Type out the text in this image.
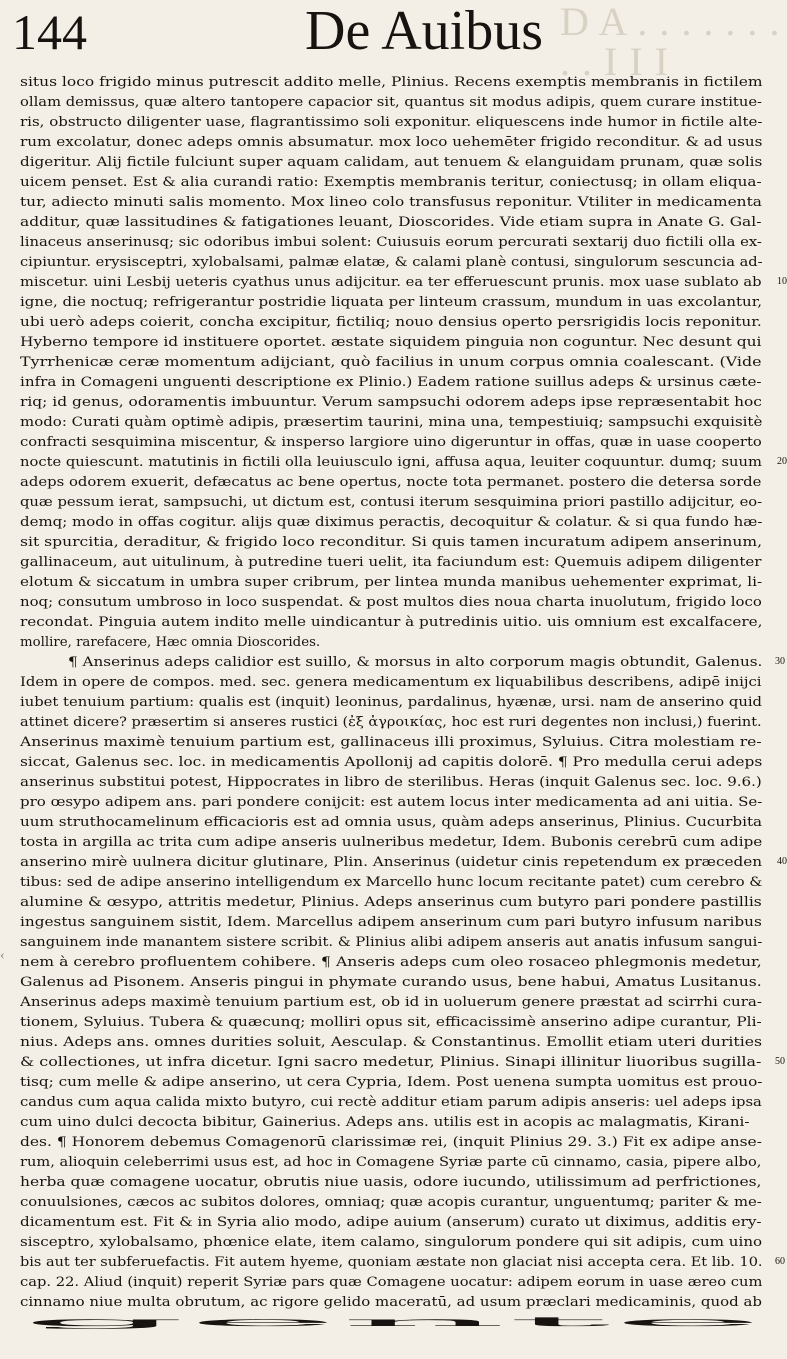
144	De Auibus D A . . . . . . . . . I I I
situs loco frigido minus putrescit addito melle, Plinius. Recens exemptis membranis in fictilem
ollam demissus, quæ altero tantopere capacior sit, quantus sit modus adipis, quem curare institue-
ris, obstructo diligenter uase, flagrantissimo soli exponitur. eliquescens inde humor in fictile alte-
rum excolatur, donec adeps omnis absumatur. mox loco uehemēter frigido reconditur. & ad usus
digeritur. Alij fictile fulciunt super aquam calidam, aut tenuem & elanguidam prunam, quæ solis
uicem penset. Est & alia curandi ratio: Exemptis membranis teritur, coniectusq; in ollam eliqua-
tur, adiecto minuti salis momento. Mox lineo colo transfusus reponitur. Vtiliter in medicamenta
additur, quæ lassitudines & fatigationes leuant, Dioscorides. Vide etiam supra in Anate G. Gal-
linaceus anserinusq; sic odoribus imbui solent: Cuiusuis eorum percurati sextarij duo fictili olla ex-
cipiuntur. erysisceptri, xylobalsami, palmæ elatæ, & calami planè contusi, singulorum sescuncia ad-
miscetur. uini Lesbij ueteris cyathus unus adijcitur. ea ter efferuescunt prunis. mox uase sublato ab
igne, die noctuq; refrigerantur postridie liquata per linteum crassum, mundum in uas excolantur,
ubi uerò adeps coierit, concha excipitur, fictiliq; nouo densius operto persrigidis locis reponitur.
Hyberno tempore id instituere oportet. æstate siquidem pinguia non coguntur. Nec desunt qui
Tyrrhenicæ ceræ momentum adijciant, quò facilius in unum corpus omnia coalescant. (Vide
infra in Comageni unguenti descriptione ex Plinio.) Eadem ratione suillus adeps & ursinus cæte-
riq; id genus, odoramentis imbuuntur. Verum sampsuchi odorem adeps ipse repræsentabit hoc
modo: Curati quàm optimè adipis, præsertim taurini, mina una, tempestiuiq; sampsuchi exquisitè
confracti sesquimina miscentur, & insperso largiore uino digeruntur in offas, quæ in uase cooperto
nocte quiescunt. matutinis in fictili olla leuiusculo igni, affusa aqua, leuiter coquuntur. dumq; suum
adeps odorem exuerit, defæcatus ac bene opertus, nocte tota permanet. postero die detersa sorde
quæ pessum ierat, sampsuchi, ut dictum est, contusi iterum sesquimina priori pastillo adijcitur, eo-
demq; modo in offas cogitur. alijs quæ diximus peractis, decoquitur & colatur. & si qua fundo hæ-
sit spurcitia, deraditur, & frigido loco reconditur. Si quis tamen incuratum adipem anserinum,
gallinaceum, aut uitulinum, à putredine tueri uelit, ita faciundum est: Quemuis adipem diligenter
elotum & siccatum in umbra super cribrum, per lintea munda manibus uehementer exprimat, li-
noq; consutum umbroso in loco suspendat. & post multos dies noua charta inuolutum, frigido loco
recondat. Pinguia autem indito melle uindicantur à putredinis uitio. uis omnium est excalfacere,
mollire, rarefacere, Hæc omnia Dioscorides.
¶ Anserinus adeps calidior est suillo, & morsus in alto corporum magis obtundit, Galenus.
Idem in opere de compos. med. sec. genera medicamentum ex liquabilibus describens, adipē inijci
iubet tenuium partium: qualis est (inquit) leoninus, pardalinus, hyænæ, ursi. nam de anserino quid
attinet dicere? præsertim si anseres rustici (ἐξ ἀγροικίας, hoc est ruri degentes non inclusi,) fuerint.
Anserinus maximè tenuium partium est, gallinaceus illi proximus, Syluius. Citra molestiam re-
siccat, Galenus sec. loc. in medicamentis Apollonij ad capitis dolorē. ¶ Pro medulla cerui adeps
anserinus substitui potest, Hippocrates in libro de sterilibus. Heras (inquit Galenus sec. loc. 9.6.)
pro œsypo adipem ans. pari pondere conijcit: est autem locus inter medicamenta ad ani uitia. Se-
uum struthocamelinum efficacioris est ad omnia usus, quàm adeps anserinus, Plinius. Cucurbita
tosta in argilla ac trita cum adipe anseris uulneribus medetur, Idem. Bubonis cerebrū cum adipe
anserino mirè uulnera dicitur glutinare, Plin. Anserinus (uidetur cinis repetendum ex præceden
tibus: sed de adipe anserino intelligendum ex Marcello hunc locum recitante patet) cum cerebro &
alumine & œsypo, attritis medetur, Plinius. Adeps anserinus cum butyro pari pondere pastillis
ingestus sanguinem sistit, Idem. Marcellus adipem anserinum cum pari butyro infusum naribus
sanguinem inde manantem sistere scribit. & Plinius alibi adipem anseris aut anatis infusum sangui-
nem à cerebro profluentem cohibere. ¶ Anseris adeps cum oleo rosaceo phlegmonis medetur,
Galenus ad Pisonem. Anseris pingui in phymate curando usus, bene habui, Amatus Lusitanus.
Anserinus adeps maximè tenuium partium est, ob id in uoluerum genere præstat ad scirrhi cura-
tionem, Syluius. Tubera & quæcunq; molliri opus sit, efficacissimè anserino adipe curantur, Pli-
nius. Adeps ans. omnes durities soluit, Aesculap. & Constantinus. Emollit etiam uteri durities
& collectiones, ut infra dicetur. Igni sacro medetur, Plinius. Sinapi illinitur liuoribus sugilla-
tisq; cum melle & adipe anserino, ut cera Cypria, Idem. Post uenena sumpta uomitus est prouo-
candus cum aqua calida mixto butyro, cui rectè additur etiam parum adipis anseris: uel adeps ipsa
cum uino dulci decocta bibitur, Gainerius. Adeps ans. utilis est in acopis ac malagmatis, Kirani-
des. ¶ Honorem debemus Comagenorū clarissimæ rei, (inquit Plinius 29. 3.) Fit ex adipe anse-
rum, alioquin celeberrimi usus est, ad hoc in Comagene Syriæ parte cū cinnamo, casia, pipere albo,
herba quæ comagene uocatur, obrutis niue uasis, odore iucundo, utilissimum ad perfrictiones,
conuulsiones, cæcos ac subitos dolores, omniaq; quæ acopis curantur, unguentumq; pariter & me-
dicamentum est. Fit & in Syria alio modo, adipe auium (anserum) curato ut diximus, additis ery-
sisceptro, xylobalsamo, phœnice elate, item calamo, singulorum pondere qui sit adipis, cum uino
bis aut ter subferuefactis. Fit autem hyeme, quoniam æstate non glaciat nisi accepta cera. Et lib. 10.
cap. 22. Aliud (inquit) reperit Syriæ pars quæ Comagene uocatur: adipem eorum in uase æreo cum
cinnamo niue multa obrutum, ac rigore gelido maceratū, ad usum præclari medicaminis, quod ab
gente
10
20
30
40
50
60
‹
